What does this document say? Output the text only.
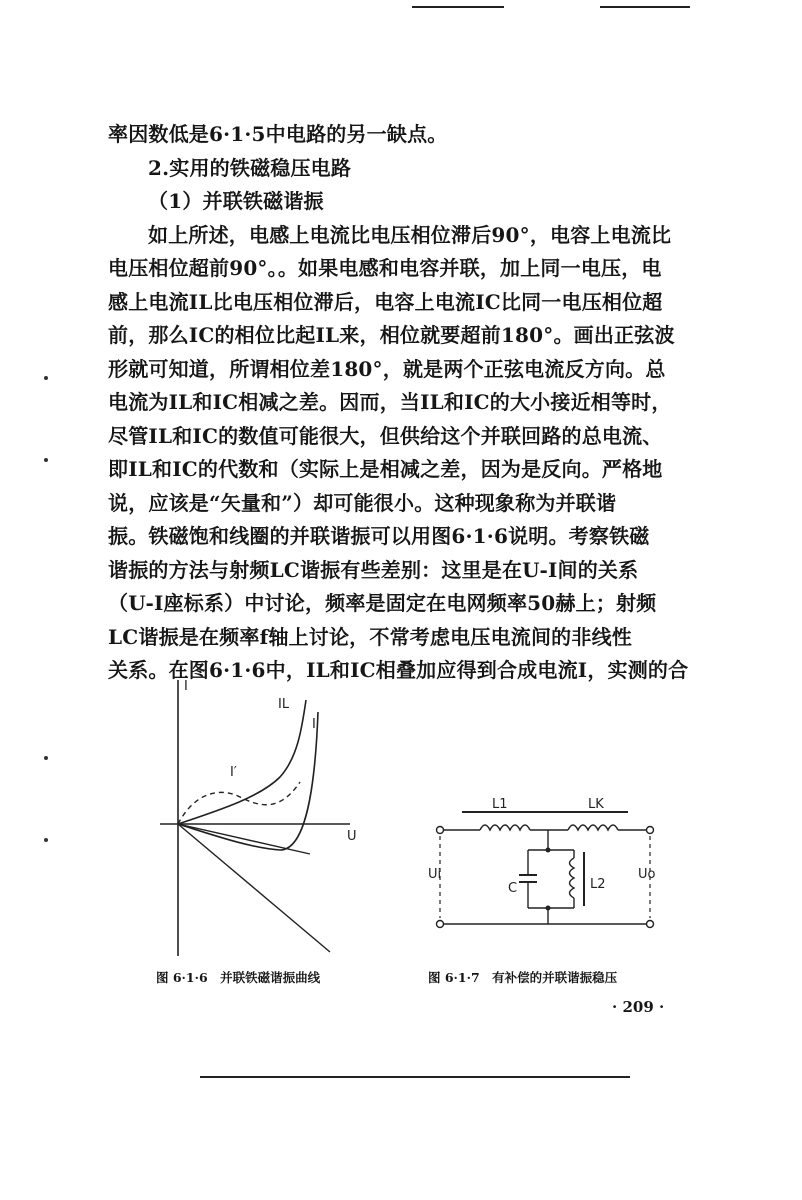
率因数低是6·1·5中电路的另一缺点。
2.实用的铁磁稳压电路
（1）并联铁磁谐振
如上所述，电感上电流比电压相位滞后90°，电容上电流比
电压相位超前90°。。如果电感和电容并联，加上同一电压，电
感上电流IL比电压相位滞后，电容上电流IC比同一电压相位超
前，那么IC的相位比起IL来，相位就要超前180°。画出正弦波
形就可知道，所谓相位差180°，就是两个正弦电流反方向。总
电流为IL和IC相减之差。因而，当IL和IC的大小接近相等时，
尽管IL和IC的数值可能很大，但供给这个并联回路的总电流、
即IL和IC的代数和（实际上是相减之差，因为是反向。严格地
说，应该是“矢量和”）却可能很小。这种现象称为并联谐
振。铁磁饱和线圈的并联谐振可以用图6·1·6说明。考察铁磁
谐振的方法与射频LC谐振有些差别：这里是在U-I间的关系
（U-I座标系）中讨论，频率是固定在电网频率50赫上；射频
LC谐振是在频率f轴上讨论，不常考虑电压电流间的非线性
关系。在图6·1·6中，IL和IC相叠加应得到合成电流I，实测的合
I
U
IL
I
I′
图 6·1·6　并联铁磁谐振曲线
L1	LK
Ui	Uo
C	L2
图 6·1·7　有补偿的并联谐振稳压
· 209 ·
